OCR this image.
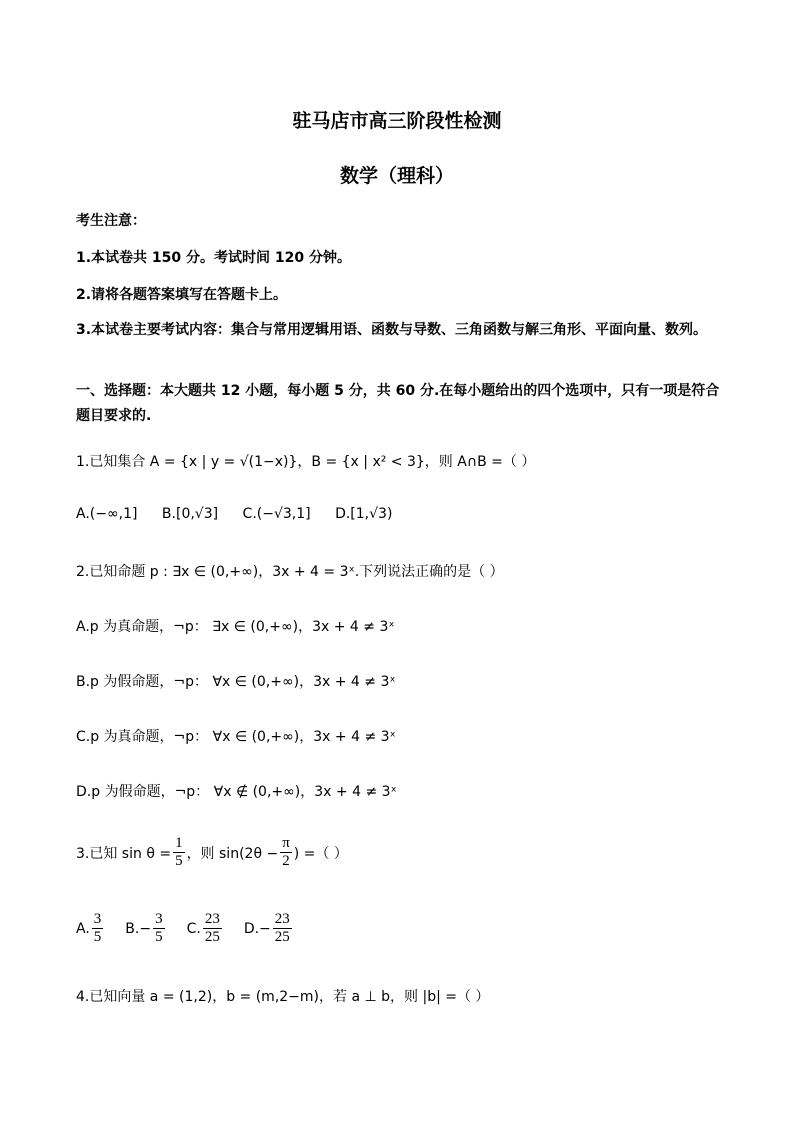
驻马店市高三阶段性检测
数学（理科）
考生注意：
1.本试卷共 150 分。考试时间 120 分钟。
2.请将各题答案填写在答题卡上。
3.本试卷主要考试内容：集合与常用逻辑用语、函数与导数、三角函数与解三角形、平面向量、数列。
一、选择题：本大题共 12 小题，每小题 5 分，共 60 分.在每小题给出的四个选项中，只有一项是符合题目要求的.
1.已知集合 A = {x | y = √(1−x)}，B = {x | x² < 3}，则 A∩B =（ ）
A.(−∞,1] B.[0,√3] C.(−√3,1] D.[1,√3)
2.已知命题 p : ∃x ∈ (0,+∞)，3x + 4 = 3ˣ.下列说法正确的是（ ）
A.p 为真命题，¬p： ∃x ∈ (0,+∞)，3x + 4 ≠ 3ˣ
B.p 为假命题，¬p： ∀x ∈ (0,+∞)，3x + 4 ≠ 3ˣ
C.p 为真命题，¬p： ∀x ∈ (0,+∞)，3x + 4 ≠ 3ˣ
D.p 为假命题，¬p： ∀x ∉ (0,+∞)，3x + 4 ≠ 3ˣ
3.已知 $\sin \theta = \frac{1}{5}$ ，则 $\sin(2\theta - \frac{\pi}{2}$ ) =（ ）
A. $\frac{3}{5} B$. − $\frac{3}{5} C$. $\frac{23}{25} D$. − $\frac{23}{25}$
4.已知向量 a = (1,2)，b = (m,2−m)，若 a ⊥ b，则 |b| =（ ）
